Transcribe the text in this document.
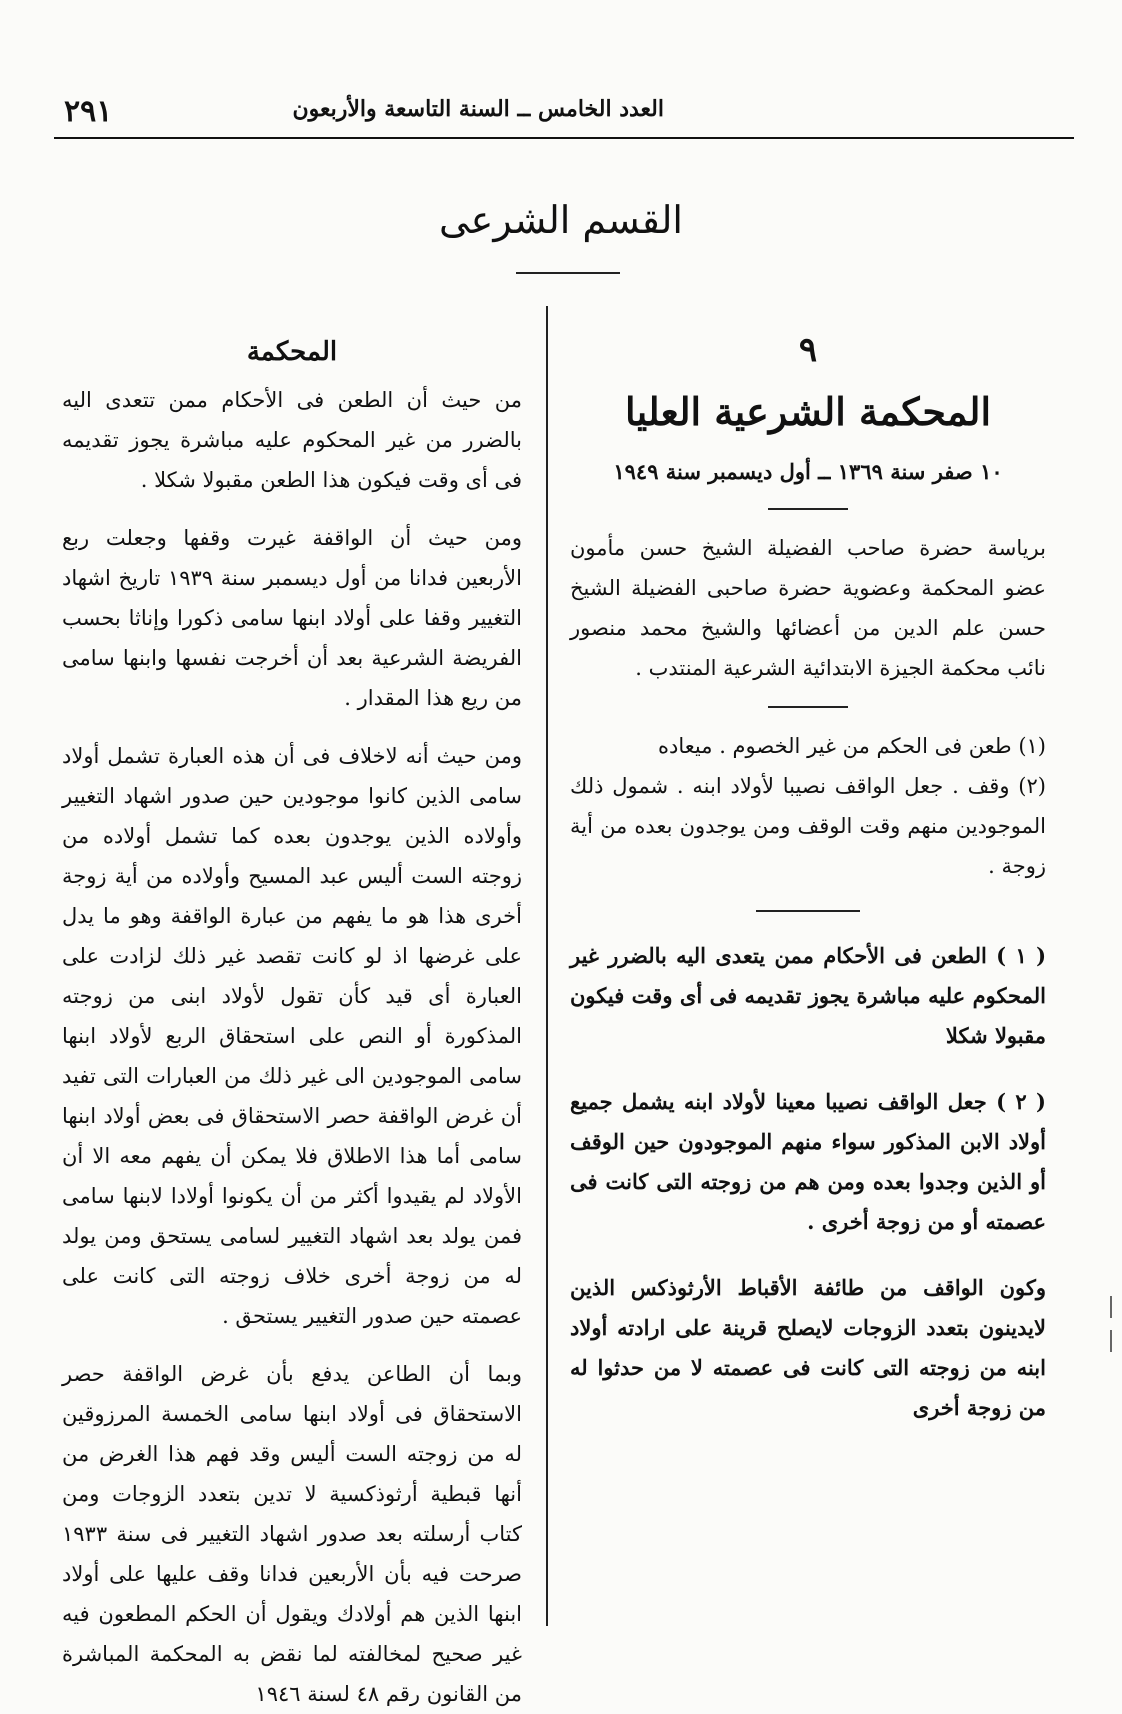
٢٩١	العدد الخامس ــ السنة التاسعة والأربعون
القسم الشرعى
٩
المحكمة الشرعية العليا
١٠ صفر سنة ١٣٦٩ ــ أول ديسمبر سنة ١٩٤٩

برياسة حضرة صاحب الفضيلة الشيخ حسن مأمون عضو المحكمة وعضوية حضرة صاحبى الفضيلة الشيخ حسن علم الدين من أعضائها والشيخ محمد منصور نائب محكمة الجيزة الابتدائية الشرعية المنتدب .

(١) طعن فى الحكم من غير الخصوم . ميعاده

(٢) وقف . جعل الواقف نصيبا لأولاد ابنه . شمول ذلك الموجودين منهم وقت الوقف ومن يوجدون بعده من أية زوجة .

( ١ ) الطعن فى الأحكام ممن يتعدى اليه بالضرر غير المحكوم عليه مباشرة يجوز تقديمه فى أى وقت فيكون مقبولا شكلا

( ٢ ) جعل الواقف نصيبا معينا لأولاد ابنه يشمل جميع أولاد الابن المذكور سواء منهم الموجودون حين الوقف أو الذين وجدوا بعده ومن هم من زوجته التى كانت فى عصمته أو من زوجة أخرى .

وكون الواقف من طائفة الأقباط الأرثوذكس الذين لايدينون بتعدد الزوجات لايصلح قرينة على ارادته أولاد ابنه من زوجته التى كانت فى عصمته لا من حدثوا له من زوجة أخرى

المحكمة

من حيث أن الطعن فى الأحكام ممن تتعدى اليه بالضرر من غير المحكوم عليه مباشرة يجوز تقديمه فى أى وقت فيكون هذا الطعن مقبولا شكلا .

ومن حيث أن الواقفة غيرت وقفها وجعلت ربع الأربعين فدانا من أول ديسمبر سنة ١٩٣٩ تاريخ اشهاد التغيير وقفا على أولاد ابنها سامى ذكورا وإناثا بحسب الفريضة الشرعية بعد أن أخرجت نفسها وابنها سامى من ريع هذا المقدار .

ومن حيث أنه لاخلاف فى أن هذه العبارة تشمل أولاد سامى الذين كانوا موجودين حين صدور اشهاد التغيير وأولاده الذين يوجدون بعده كما تشمل أولاده من زوجته الست أليس عبد المسيح وأولاده من أية زوجة أخرى هذا هو ما يفهم من عبارة الواقفة وهو ما يدل على غرضها اذ لو كانت تقصد غير ذلك لزادت على العبارة أى قيد كأن تقول لأولاد ابنى من زوجته المذكورة أو النص على استحقاق الربع لأولاد ابنها سامى الموجودين الى غير ذلك من العبارات التى تفيد أن غرض الواقفة حصر الاستحقاق فى بعض أولاد ابنها سامى أما هذا الاطلاق فلا يمكن أن يفهم معه الا أن الأولاد لم يقيدوا أكثر من أن يكونوا أولادا لابنها سامى فمن يولد بعد اشهاد التغيير لسامى يستحق ومن يولد له من زوجة أخرى خلاف زوجته التى كانت على عصمته حين صدور التغيير يستحق .

وبما أن الطاعن يدفع بأن غرض الواقفة حصر الاستحقاق فى أولاد ابنها سامى الخمسة المرزوقين له من زوجته الست أليس وقد فهم هذا الغرض من أنها قبطية أرثوذكسية لا تدين بتعدد الزوجات ومن كتاب أرسلته بعد صدور اشهاد التغيير فى سنة ١٩٣٣ صرحت فيه بأن الأربعين فدانا وقف عليها على أولاد ابنها الذين هم أولادك ويقول أن الحكم المطعون فيه غير صحيح لمخالفته لما نقض به المحكمة المباشرة من القانون رقم ٤٨ لسنة ١٩٤٦
